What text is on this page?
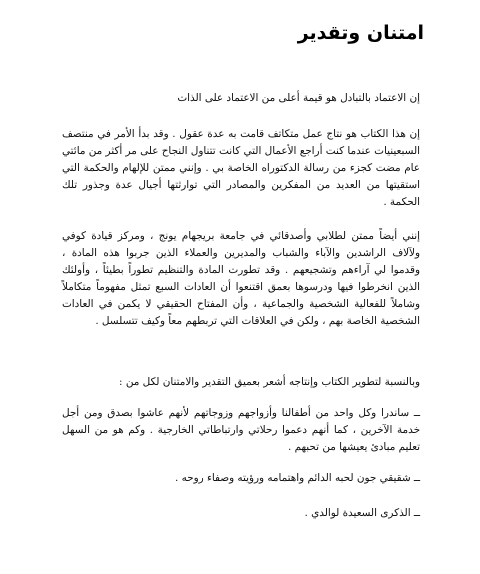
امتنان وتقدير
إن الاعتماد بالتبادل هو قيمة أعلى من الاعتماد على الذات
إن هذا الكتاب هو نتاج عمل متكاتف قامت به عدة عقول . وقد بدأ الأمر في منتصف السبعينيات عندما كنت أراجع الأعمال التي كانت تتناول النجاح على مر أكثر من مائتي عام مضت كجزء من رسالة الدكتوراه الخاصة بي . وإنني ممتن للإلهام والحكمة التي استقيتها من العديد من المفكرين والمصادر التي توارثتها أجيال عدة وجذور تلك الحكمة .
إنني أيضاً ممتن لطلابي وأصدقائي في جامعة بريجهام يونج ، ومركز قيادة كوفي ولآلاف الراشدين والآباء والشباب والمديرين والعملاء الذين جربوا هذه المادة ، وقدموا لي آراءهم وتشجيعهم . وقد تطورت المادة والتنظيم تطوراً بطيئاً ، وأولئك الذين انخرطوا فيها ودرسوها بعمق اقتنعوا أن العادات السبع تمثل مفهوماً متكاملاً وشاملاً للفعالية الشخصية والجماعية ، وأن المفتاح الحقيقي لا يكمن في العادات الشخصية الخاصة بهم ، ولكن في العلاقات التي تربطهم معاً وكيف تتسلسل .
وبالنسبة لتطوير الكتاب وإنتاجه أشعر بعميق التقدير والامتنان لكل من :
ــ ساندرا وكل واحد من أطفالنا وأزواجهم وزوجاتهم لأنهم عاشوا بصدق ومن أجل خدمة الآخرين ، كما أنهم دعموا رحلاتي وارتباطاتي الخارجية . وكم هو من السهل تعليم مبادئ يعيشها من تحبهم .
ــ شقيقي جون لحبه الدائم واهتمامه ورؤيته وصفاء روحه .
ــ الذكرى السعيدة لوالدي .
